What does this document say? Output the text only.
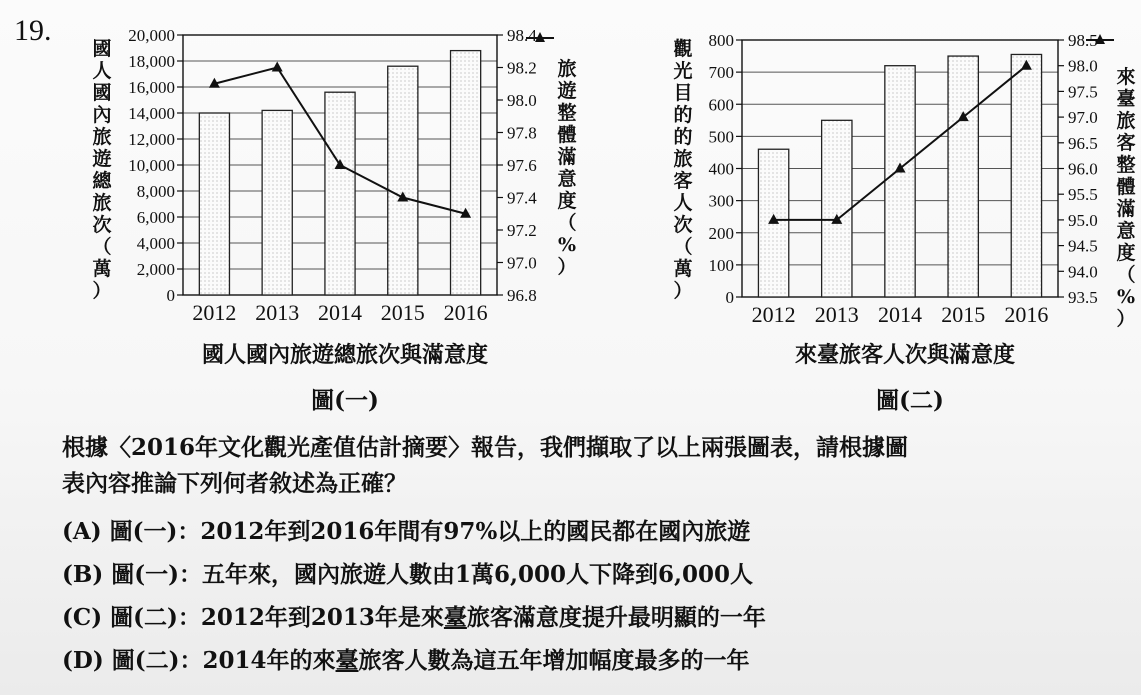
19.
0
2,000
4,000
6,000
8,000
10,000
12,000
14,000
16,000
18,000
20,000
96.8
97.0
97.2
97.4
97.6
97.8
98.0
98.2
98.4
2012 2013 2014 2015 2016
國人國內旅遊總旅次（萬）
旅遊整體滿意度（%）
國人國內旅遊總旅次與滿意度
圖(一)
0
100
200
300
400
500
600
700
800
93.5
94.0
94.5
95.0
95.5
96.0
96.5
97.0
97.5
98.0
98.5
2012 2013 2014 2015 2016
觀光目的的旅客人次（萬）
來臺旅客整體滿意度（%）
來臺旅客人次與滿意度
圖(二)
根據〈2016年文化觀光產值估計摘要〉報告，我們擷取了以上兩張圖表，請根據圖
表內容推論下列何者敘述為正確？
(A) 圖(一)：2012年到2016年間有97%以上的國民都在國內旅遊
(B) 圖(一)：五年來，國內旅遊人數由1萬6,000人下降到6,000人
(C) 圖(二)：2012年到2013年是來臺旅客滿意度提升最明顯的一年
(D) 圖(二)：2014年的來臺旅客人數為這五年增加幅度最多的一年
